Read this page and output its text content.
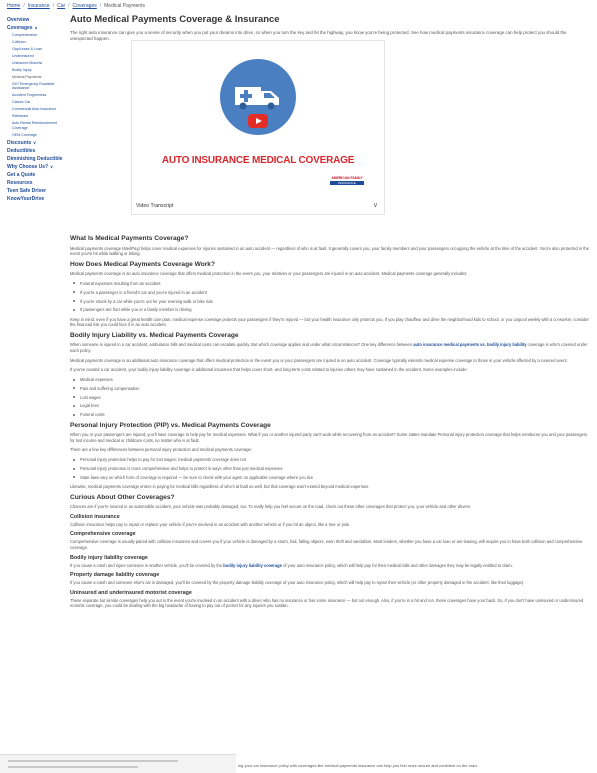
Home / Insurance / Car / Coverages / Medical Payments
Overview
Coverages ∧
Comprehensive
Collision
Gap/Lease & Loan
Underinsured
Uninsured Motorist
Bodily Injury
Medical Payments
24/7 Emergency Roadside Assistance
Accident Forgiveness
Classic Car
Commercial Auto Insurance
Rideshare
Auto Rental Reimbursement Coverage
OEM Coverage
Discounts ∨
Deductibles
Diminishing Deductible
Why Choose Us? ∨
Get a Quote
Resources
Teen Safe Driver
KnowYourDrive
Auto Medical Payments Coverage & Insurance

The right auto insurance can give you a sense of security when you put your dreams into drive, so when you turn the key and hit the highway, you know you're being protected. See how medical payments insurance coverage can help protect you should the unexpected happen.

AUTO INSURANCE MEDICAL COVERAGE
AMERICAN FAMILY
INSURANCE
Video Transcript	∨
What Is Medical Payments Coverage?

Medical payments coverage (MedPay) helps cover medical expenses for injuries sustained in an auto accident — regardless of who is at fault. It generally covers you, your family members and your passengers occupying the vehicle at the time of the accident. You're also protected in the event you're hit while walking or biking.

How Does Medical Payments Coverage Work?

Medical payments coverage is an auto insurance coverage that offers medical protection in the event you, your relatives or your passengers are injured in an auto accident. Medical payments coverage generally includes:

Funeral expenses resulting from an accident
If you're a passenger in a friend's car and you're injured in an accident
If you're struck by a car while you're out for your evening walk or bike ride
If passengers are hurt while you or a family member is driving

Keep in mind, even if you have a great health care plan, medical expense coverage protects your passengers if they're injured — but your health insurance only protects you. If you play chauffeur and drive the neighborhood kids to school, or you carpool weekly with a co-worker, consider the financial risk you could face if in an auto accident.

Bodily Injury Liability vs. Medical Payments Coverage

When someone is injured in a car accident, ambulance bills and medical costs can escalate quickly. But which coverage applies and under what circumstances? One key difference between auto insurance medical payments vs. bodily injury liability coverage is who's covered under each policy.

Medical payments coverage is an additional auto insurance coverage that offers medical protection in the event you or your passengers are injured in an auto accident. Coverage typically extends medical expense coverage to those in your vehicle affected by a covered event.

If you've caused a car accident, your bodily injury liability coverage is additional insurance that helps cover short- and long-term costs related to injuries others may have sustained in the accident. Some examples include:

Medical expenses
Pain and suffering compensation
Lost wages
Legal fees
Funeral costs
Personal Injury Protection (PIP) vs. Medical Payments Coverage

When you or your passengers are injured, you'll have coverage to help pay for medical expenses. What if you or another injured party can't work while recovering from an accident? Some states mandate Personal injury protection coverage that helps reimburse you and your passengers for lost income and medical or childcare costs, no matter who is at fault.

There are a few key differences between personal injury protection and medical payments coverage:

Personal injury protection helps to pay for lost wages; medical payments coverage does not
Personal injury protection is more comprehensive and helps to protect in ways other than just medical expenses
State laws vary on which form of coverage is required — be sure to check with your agent on applicable coverage where you live

Likewise, medical payments coverage enters in paying for medical bills regardless of who's at fault as well, but that coverage won't extend beyond medical expenses.

Curious About Other Coverages?

Chances are if you're insured in an automobile accident, your vehicle was probably damaged, too. To really help you feel secure on the road, check out these other coverages that protect you, your vehicle and other drivers.

Collision insurance

Collision insurance helps pay to repair or replace your vehicle if you're involved in an accident with another vehicle or if you hit an object, like a tree or pole.

Comprehensive coverage

Comprehensive coverage is usually paired with collision insurance and covers you if your vehicle is damaged by a storm, hail, falling objects, even theft and vandalism. Most lenders, whether you have a car loan or are leasing, will require you to have both collision and comprehensive coverage.

Bodily injury liability coverage

If you cause a crash and injure someone in another vehicle, you'll be covered by the bodily injury liability coverage of your auto insurance policy, which will help pay for their medical bills and other damages they may be legally entitled to claim.

Property damage liability coverage

If you cause a crash and someone else's car is damaged, you'll be covered by the property damage liability coverage of your auto insurance policy, which will help pay to repair their vehicle (or other property damaged in the accident, like their luggage).

Uninsured and underinsured motorist coverage

These separate but similar coverages help you out in the event you're involved in an accident with a driver who has no insurance or has some insurance — but not enough. Also, if you're in a hit and run, these coverages have your back. So, if you don't have uninsured or underinsured motorist coverage, you could be dealing with the big headache of having to pay out of pocket for any injuries you sustain.

ing your car insurance policy with coverages like medical payments insurance can help you feel more secure and confident on the road.
